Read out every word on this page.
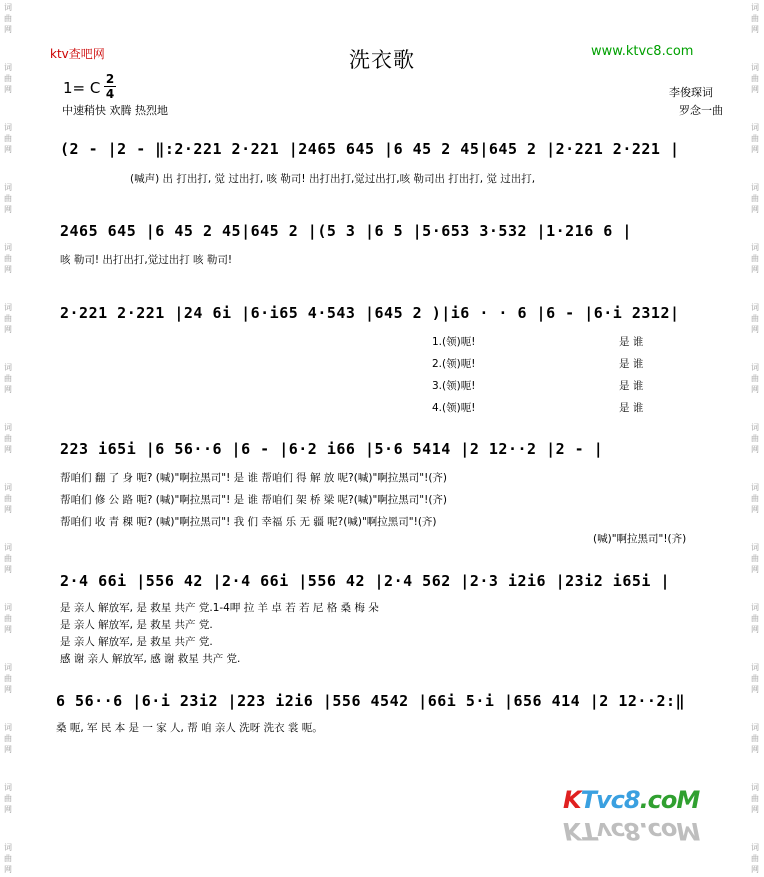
词
曲
网
词
曲
网
词
曲
网
词
曲
网
词
曲
网
词
曲
网
词
曲
网
词
曲
网
词
曲
网
词
曲
网
词
曲
网
词
曲
网
词
曲
网
词
曲
网
词
曲
网
词
曲
网
词
曲
网
词
曲
网
词
曲
网
词
曲
网
词
曲
网
词
曲
网
词
曲
网
词
曲
网
词
曲
网
词
曲
网
词
曲
网
词
曲
网
词
曲
网
词
曲
网
ktv查吧网	洗衣歌	www.ktvc8.com
1= C 2
4
中速稍快 欢腾 热烈地
李俊琛词
罗念一曲
(2 - |2 - ‖:2·221 2·221 |2465 645 |6 45 2 45|645 2 |2·221 2·221 |
(喊声) 出 打出打, 觉 过出打, 咳 勒司! 出打出打,觉过出打,咳 勒司出 打出打, 觉 过出打,
2465 645 |6 45 2 45|645 2 |(5 3 |6 5 |5·653 3·532 |1·216 6 |
咳 勒司! 出打出打,觉过出打 咳 勒司!
2·221 2·221 |24 6i |6·i65 4·543 |645 2 )|i6 · · 6 |6 - |6·i 2312|
1.(领)呃!
2.(领)呃!
3.(领)呃!
4.(领)呃!
是 谁
是 谁
是 谁
是 谁
223 i65i |6 56··6 |6 - |6·2 i66 |5·6 5414 |2 12··2 |2 - |
帮咱们 翻 了 身 呃? (喊)"啊拉黑司"! 是 谁 帮咱们 得 解 放 呢?(喊)"啊拉黑司"!(齐)
帮咱们 修 公 路 呃? (喊)"啊拉黑司"! 是 谁 帮咱们 架 桥 梁 呢?(喊)"啊拉黑司"!(齐)
帮咱们 收 青 稞 呃? (喊)"啊拉黑司"! 我 们 幸福 乐 无 疆 呢?(喊)"啊拉黑司"!(齐)
(喊)"啊拉黑司"!(齐)
2·4 66i |556 42 |2·4 66i |556 42 |2·4 562 |2·3 i2i6 |23i2 i65i |
是 亲人 解放军, 是 救星 共产 党.1-4呷 拉 羊 卓 若 若 尼 格 桑 梅 朵
是 亲人 解放军, 是 救星 共产 党.
是 亲人 解放军, 是 救星 共产 党.
感 谢 亲人 解放军, 感 谢 救星 共产 党.
6 56··6 |6·i 23i2 |223 i2i6 |556 4542 |66i 5·i |656 414 |2 12··2:‖
桑 呃, 军 民 本 是 一 家 人, 帮 咱 亲人 洗呀 洗衣 裳 呃。
KTvc8.coM
KTvc8.coM
